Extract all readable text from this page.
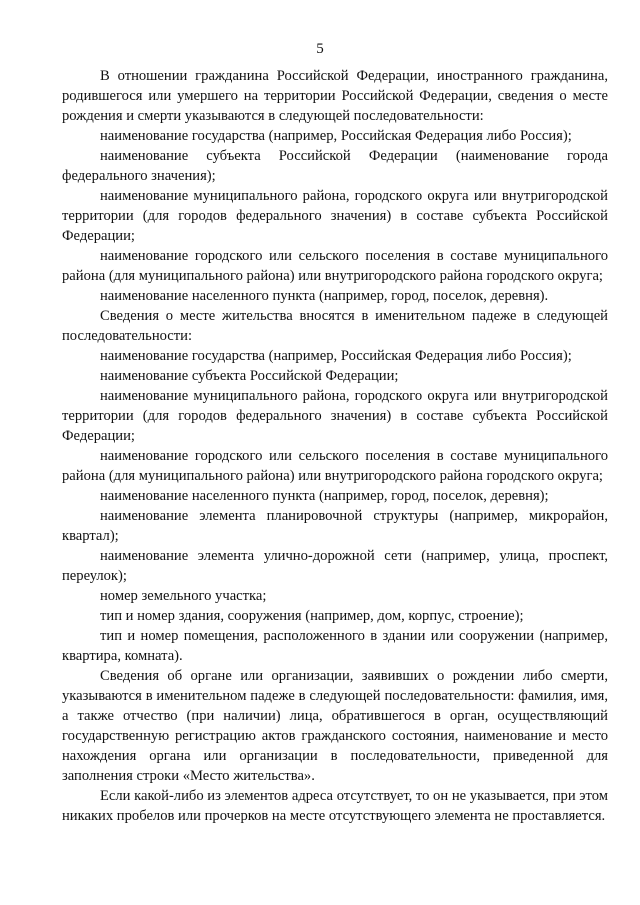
5

В отношении гражданина Российской Федерации, иностранного гражданина, родившегося или умершего на территории Российской Федерации, сведения о месте рождения и смерти указываются в следующей последовательности:

наименование государства (например, Российская Федерация либо Россия);

наименование субъекта Российской Федерации (наименование города федерального значения);

наименование муниципального района, городского округа или внутригородской территории (для городов федерального значения) в составе субъекта Российской Федерации;

наименование городского или сельского поселения в составе муниципального района (для муниципального района) или внутригородского района городского округа;

наименование населенного пункта (например, город, поселок, деревня).

Сведения о месте жительства вносятся в именительном падеже в следующей последовательности:

наименование государства (например, Российская Федерация либо Россия);

наименование субъекта Российской Федерации;

наименование муниципального района, городского округа или внутригородской территории (для городов федерального значения) в составе субъекта Российской Федерации;

наименование городского или сельского поселения в составе муниципального района (для муниципального района) или внутригородского района городского округа;

наименование населенного пункта (например, город, поселок, деревня);

наименование элемента планировочной структуры (например, микрорайон, квартал);

наименование элемента улично-дорожной сети (например, улица, проспект, переулок);

номер земельного участка;

тип и номер здания, сооружения (например, дом, корпус, строение);

тип и номер помещения, расположенного в здании или сооружении (например, квартира, комната).

Сведения об органе или организации, заявивших о рождении либо смерти, указываются в именительном падеже в следующей последовательности: фамилия, имя, а также отчество (при наличии) лица, обратившегося в орган, осуществляющий государственную регистрацию актов гражданского состояния, наименование и место нахождения органа или организации в последовательности, приведенной для заполнения строки «Место жительства».

Если какой-либо из элементов адреса отсутствует, то он не указывается, при этом никаких пробелов или прочерков на месте отсутствующего элемента не проставляется.
